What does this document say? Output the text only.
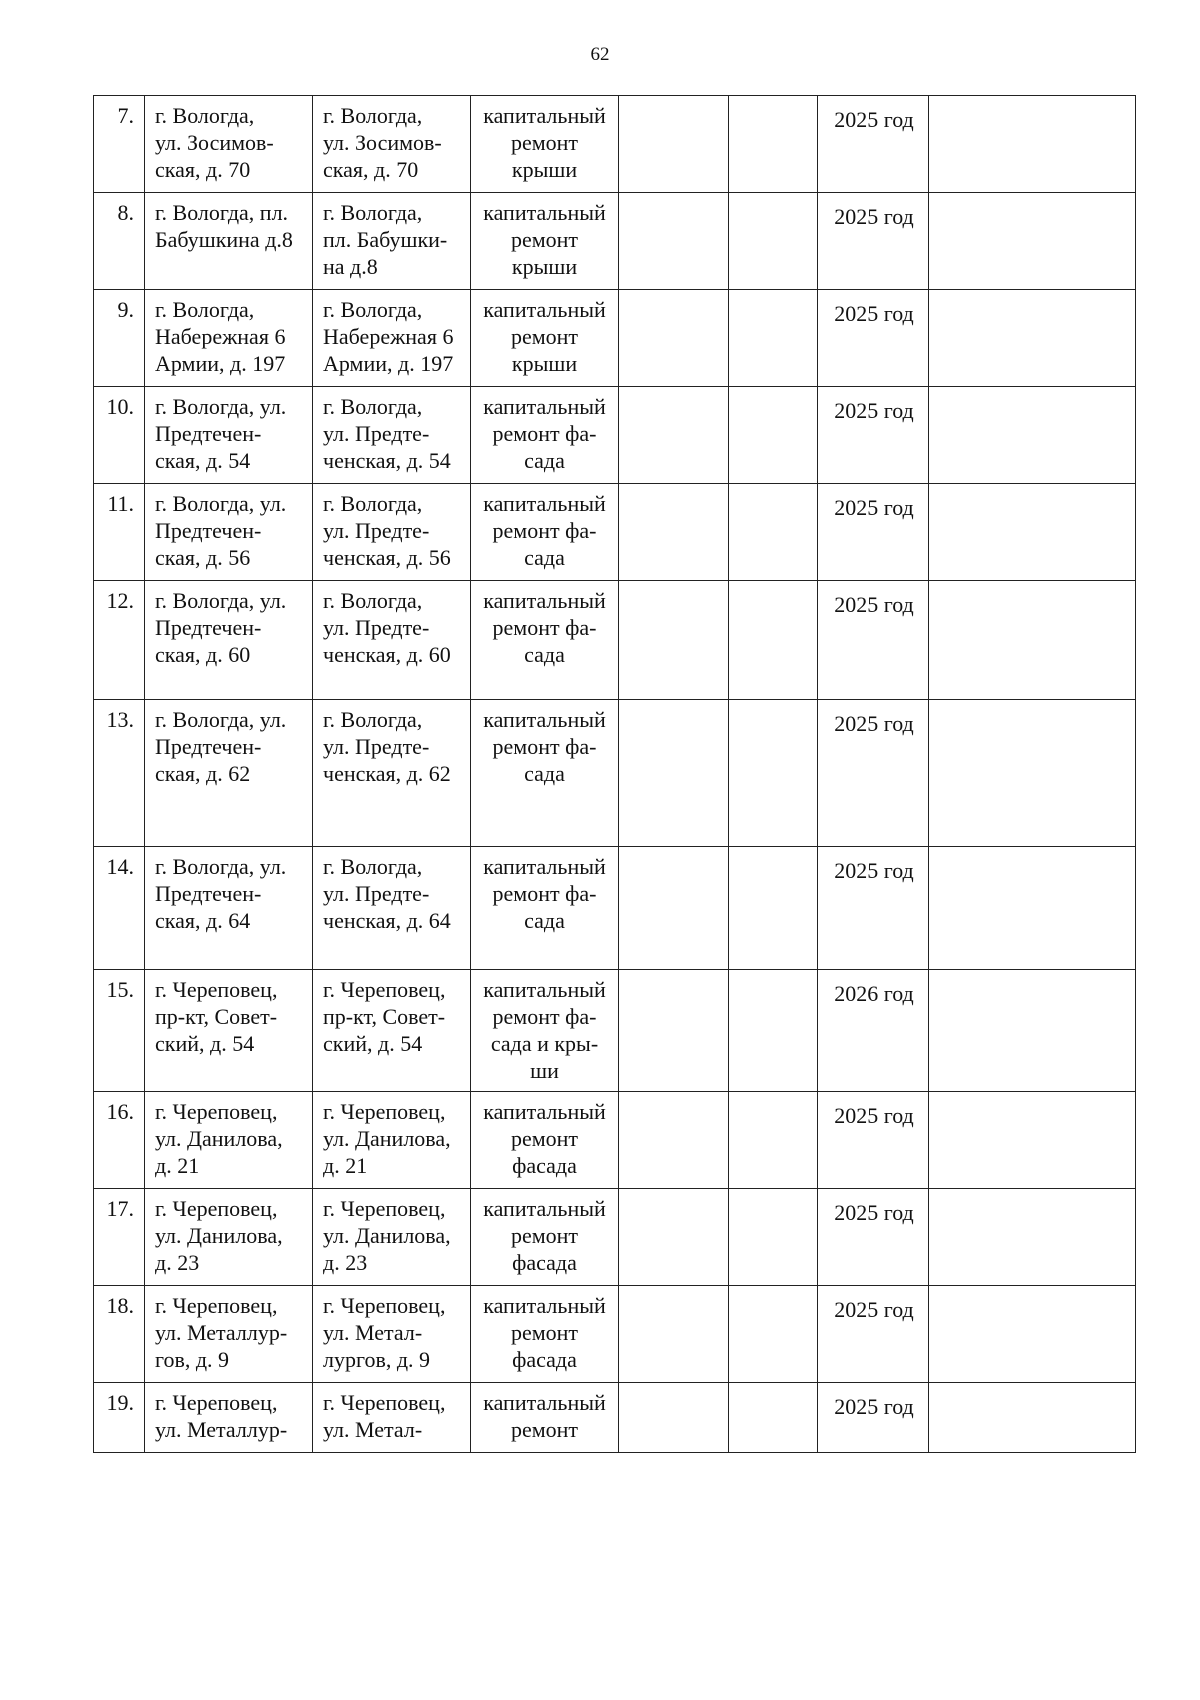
62
7.	г. Вологда,
ул. Зосимов-
ская, д. 70	г. Вологда,
ул. Зосимов-
ская, д. 70	капитальный
ремонт
крыши			2025 год	
8.	г. Вологда, пл.
Бабушкина д.8	г. Вологда,
пл. Бабушки-
на д.8	капитальный
ремонт
крыши			2025 год	
9.	г. Вологда,
Набережная 6
Армии, д. 197	г. Вологда,
Набережная 6
Армии, д. 197	капитальный
ремонт
крыши			2025 год	
10.	г. Вологда, ул.
Предтечен-
ская, д. 54	г. Вологда,
ул. Предте-
ченская, д. 54	капитальный
ремонт фа-
сада			2025 год	
11.	г. Вологда, ул.
Предтечен-
ская, д. 56	г. Вологда,
ул. Предте-
ченская, д. 56	капитальный
ремонт фа-
сада			2025 год	
12.	г. Вологда, ул.
Предтечен-
ская, д. 60	г. Вологда,
ул. Предте-
ченская, д. 60	капитальный
ремонт фа-
сада			2025 год	
13.	г. Вологда, ул.
Предтечен-
ская, д. 62	г. Вологда,
ул. Предте-
ченская, д. 62	капитальный
ремонт фа-
сада			2025 год	
14.	г. Вологда, ул.
Предтечен-
ская, д. 64	г. Вологда,
ул. Предте-
ченская, д. 64	капитальный
ремонт фа-
сада			2025 год	
15.	г. Череповец,
пр-кт, Совет-
ский, д. 54	г. Череповец,
пр-кт, Совет-
ский, д. 54	капитальный
ремонт фа-
сада и кры-
ши			2026 год	
16.	г. Череповец,
ул. Данилова,
д. 21	г. Череповец,
ул. Данилова,
д. 21	капитальный
ремонт
фасада			2025 год	
17.	г. Череповец,
ул. Данилова,
д. 23	г. Череповец,
ул. Данилова,
д. 23	капитальный
ремонт
фасада			2025 год	
18.	г. Череповец,
ул. Металлур-
гов, д. 9	г. Череповец,
ул. Метал-
лургов, д. 9	капитальный
ремонт
фасада			2025 год	
19.	г. Череповец,
ул. Металлур-	г. Череповец,
ул. Метал-	капитальный
ремонт			2025 год	
